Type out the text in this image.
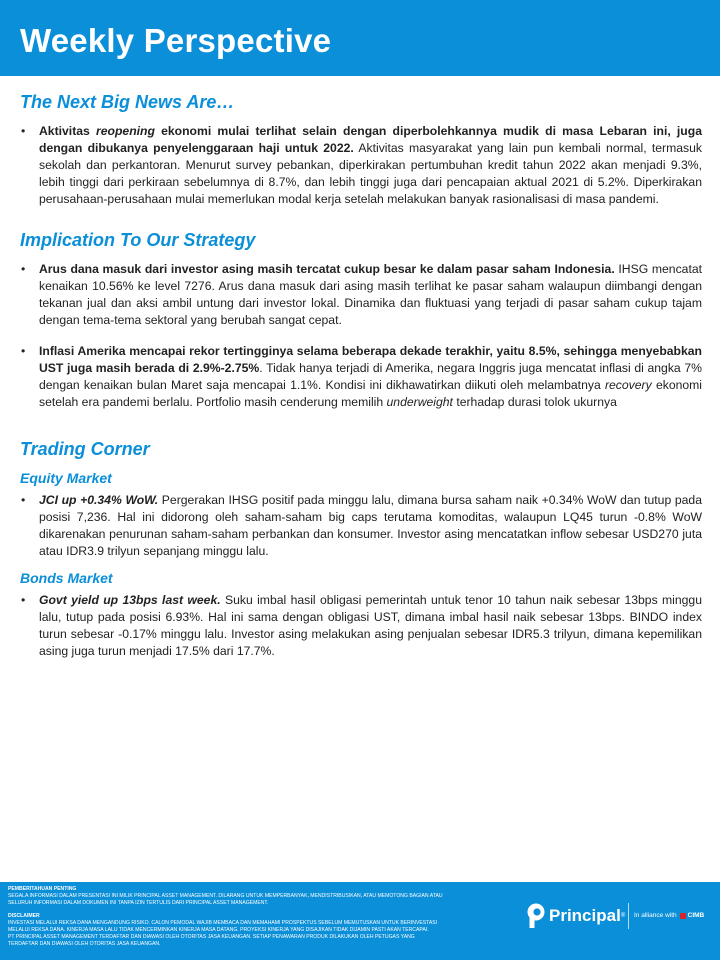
Weekly Perspective
The Next Big News Are…
• Aktivitas reopening ekonomi mulai terlihat selain dengan diperbolehkannya mudik di masa Lebaran ini, juga dengan dibukanya penyelenggaraan haji untuk 2022. Aktivitas masyarakat yang lain pun kembali normal, termasuk sekolah dan perkantoran. Menurut survey pebankan, diperkirakan pertumbuhan kredit tahun 2022 akan menjadi 9.3%, lebih tinggi dari perkiraan sebelumnya di 8.7%, dan lebih tinggi juga dari pencapaian aktual 2021 di 5.2%. Diperkirakan perusahaan-perusahaan mulai memerlukan modal kerja setelah melakukan banyak rasionalisasi di masa pandemi.
Implication To Our Strategy
• Arus dana masuk dari investor asing masih tercatat cukup besar ke dalam pasar saham Indonesia. IHSG mencatat kenaikan 10.56% ke level 7276. Arus dana masuk dari asing masih terlihat ke pasar saham walaupun diimbangi dengan tekanan jual dan aksi ambil untung dari investor lokal. Dinamika dan fluktuasi yang terjadi di pasar saham cukup tajam dengan tema-tema sektoral yang berubah sangat cepat.
• Inflasi Amerika mencapai rekor tertingginya selama beberapa dekade terakhir, yaitu 8.5%, sehingga menyebabkan UST juga masih berada di 2.9%-2.75%. Tidak hanya terjadi di Amerika, negara Inggris juga mencatat inflasi di angka 7% dengan kenaikan bulan Maret saja mencapai 1.1%. Kondisi ini dikhawatirkan diikuti oleh melambatnya recovery ekonomi setelah era pandemi berlalu. Portfolio masih cenderung memilih underweight terhadap durasi tolok ukurnya
Trading Corner
Equity Market
• JCI up +0.34% WoW. Pergerakan IHSG positif pada minggu lalu, dimana bursa saham naik +0.34% WoW dan tutup pada posisi 7,236. Hal ini didorong oleh saham-saham big caps terutama komoditas, walaupun LQ45 turun -0.8% WoW dikarenakan penurunan saham-saham perbankan dan konsumer. Investor asing mencatatkan inflow sebesar USD270 juta atau IDR3.9 trilyun sepanjang minggu lalu.
Bonds Market
• Govt yield up 13bps last week. Suku imbal hasil obligasi pemerintah untuk tenor 10 tahun naik sebesar 13bps minggu lalu, tutup pada posisi 6.93%. Hal ini sama dengan obligasi UST, dimana imbal hasil naik sebesar 13bps. BINDO index turun sebesar -0.17% minggu lalu. Investor asing melakukan asing penjualan sebesar IDR5.3 trilyun, dimana kepemilikan asing juga turun menjadi 17.5% dari 17.7%.
PEMBERITAHUAN PENTING
SEGALA INFORMASI DALAM PRESENTASI INI MILIK PRINCIPAL ASSET MANAGEMENT. DILARANG UNTUK MEMPERBANYAK, MENDISTRIBUSIKAN, ATAU MEMOTONG BAGIAN ATAU
SELURUH INFORMASI DALAM DOKUMEN INI TANPA IZIN TERTULIS DARI PRINCIPAL ASSET MANAGEMENT.
DISCLAIMER
INVESTASI MELALUI REKSA DANA MENGANDUNG RISIKO. CALON PEMODAL WAJIB MEMBACA DAN MEMAHAMI PROSPEKTUS SEBELUM MEMUTUSKAN UNTUK BERINVESTASI
MELALUI REKSA DANA. KINERJA MASA LALU TIDAK MENCERMINKAN KINERJA MASA DATANG. PROYEKSI KINERJA YANG DISAJIKAN TIDAK DIJAMIN PASTI AKAN TERCAPAI.
PT PRINCIPAL ASSET MANAGEMENT TERDAFTAR DAN DIAWASI OLEH OTORITAS JASA KEUANGAN. SETIAP PENAWARAN PRODUK DILAKUKAN OLEH PETUGAS YANG
TERDAFTAR DAN DIAWASI OLEH OTORITAS JASA KEUANGAN.
Principal ® In alliance with CIMB
